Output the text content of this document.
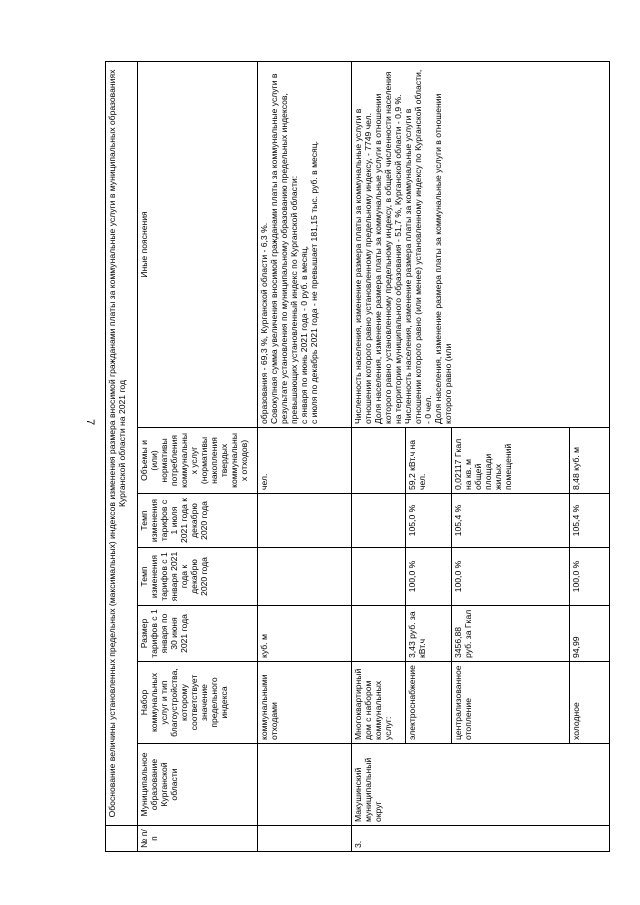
7
	Обоснование величины установленных предельных (максимальных) индексов изменения размера вносимой гражданами платы за коммунальные услуги в муниципальных образованиях Курганской области на 2021 год						
№ п/п	Муниципальное образование Курганской области	Набор коммунальных услуг и тип благоустройства, которому соответствует значение предельного индекса	Размер тарифов с 1 января по 30 июня 2021 года	Темп изменения тарифов с 1 января 2021 года к декабрю 2020 года	Темп изменения тарифов с 1 июля 2021 года к декабрю 2020 года	Объемы и (или) нормативы потребления коммунальных услуг (нормативы накопления твердых коммунальных отходов)	Иные пояснения
		коммунальными отходами	куб. м			чел.	образования - 69,3 %, Курганской области - 6,3 %.
Совокупная сумма увеличения вносимой гражданами платы за коммунальные услуги в результате установления по муниципальному образованию предельных индексов, превышающих установленный индекс по Курганской области:
с января по июнь 2021 года - 0 руб. в месяц,
с июля по декабрь 2021 года - не превышает 181,15 тыс. руб. в месяц.
3.	Макушинский муниципальный округ	Многоквартирный дом с набором коммунальных услуг:					Численность населения, изменение размера платы за коммунальные услуги в отношении которого равно установленному предельному индексу, - 7749 чел.
Доля населения, изменение размера платы за коммунальные услуги в отношении которого равно установленному предельному индексу, в общей численности населения на территории муниципального образования - 51,7 %, Курганской области - 0,9 %.
Численность населения, изменение размера платы за коммунальные услуги в отношении которого равно (или менее) установленному индексу по Курганской области, - 0 чел.
Доля населения, изменение размера платы за коммунальные услуги в отношении которого равно (или
		электроснабжение	3,43 руб. за кВт.ч	100,0 %	105,0 %	59,2 кВт.ч на чел.	
		централизованное отопление	3456,88 руб. за Гкал	100,0 %	105,4 %	0,02117 Гкал на кв. м общей площади жилых помещений	
		холодное	94,99	100,0 %	105,4 %	8,48 куб. м	
